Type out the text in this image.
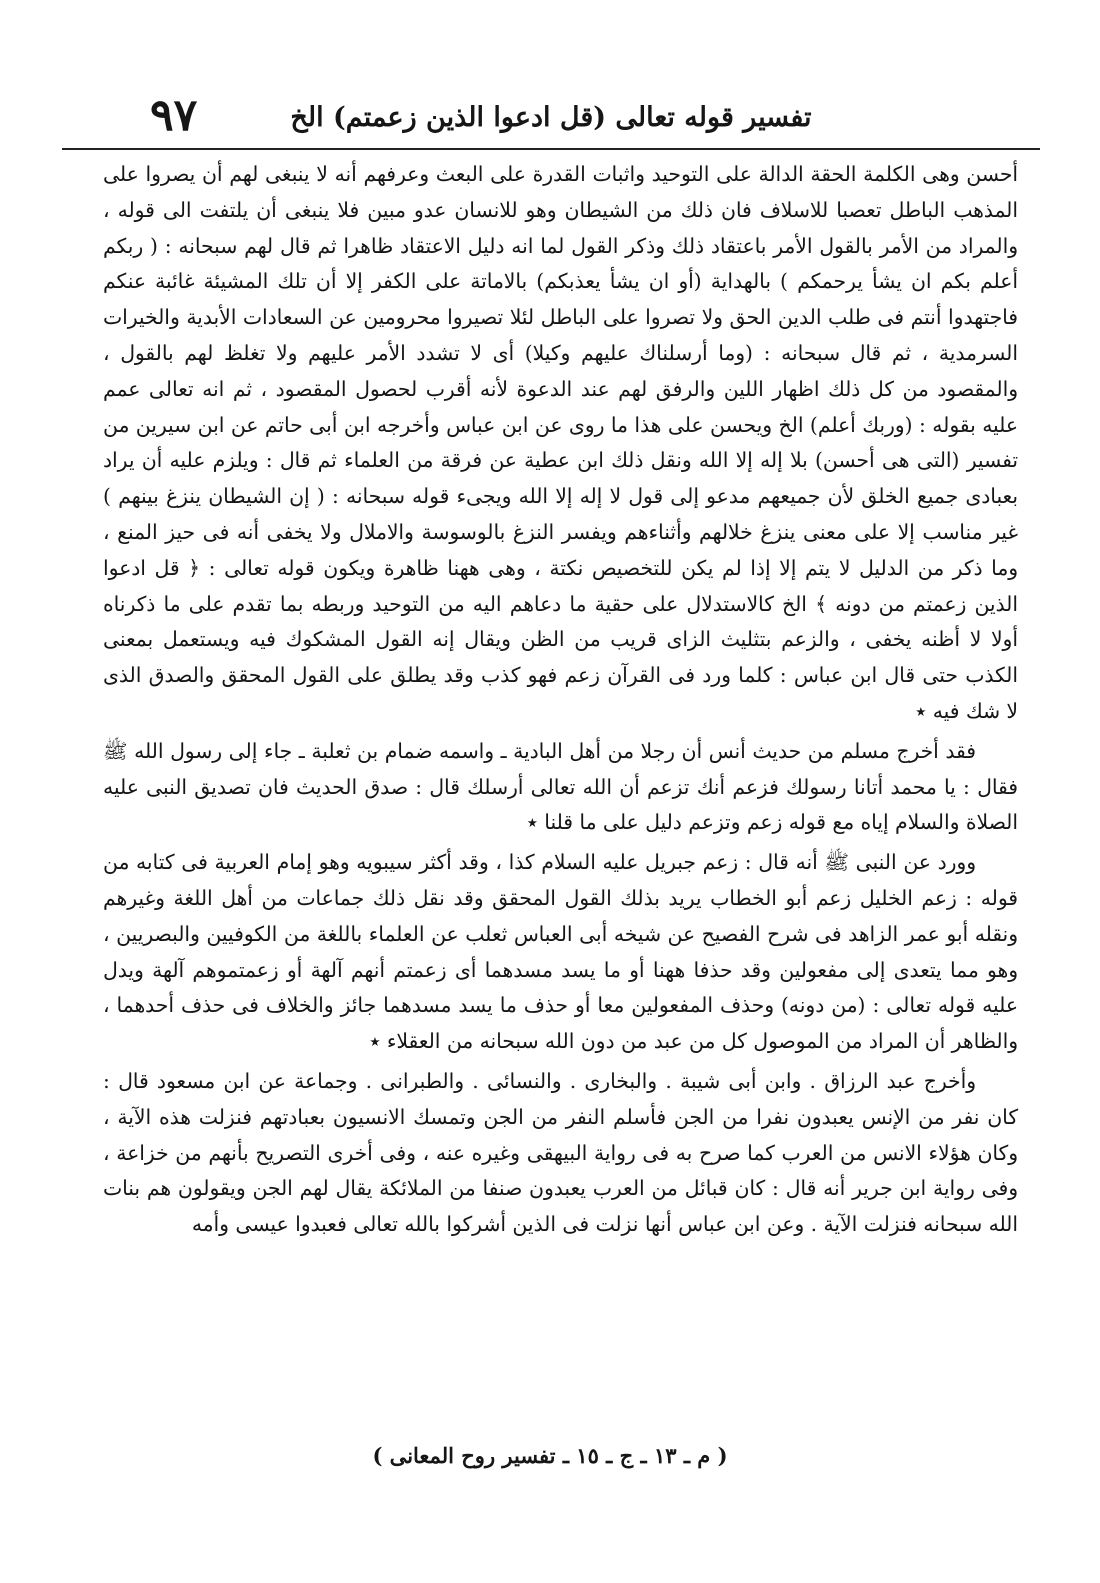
٩٧	تفسير قوله تعالى (قل ادعوا الذين زعمتم) الخ

أحسن وهى الكلمة الحقة الدالة على التوحيد واثبات القدرة على البعث وعرفهم أنه لا ينبغى لهم أن يصروا على المذهب الباطل تعصبا للاسلاف فان ذلك من الشيطان وهو للانسان عدو مبين فلا ينبغى أن يلتفت الى قوله ، والمراد من الأمر بالقول الأمر باعتقاد ذلك وذكر القول لما انه دليل الاعتقاد ظاهرا ثم قال لهم سبحانه : ( ربكم أعلم بكم ان يشأ يرحمكم ) بالهداية (أو ان يشأ يعذبكم) بالاماتة على الكفر إلا أن تلك المشيئة غائبة عنكم فاجتهدوا أنتم فى طلب الدين الحق ولا تصروا على الباطل لئلا تصيروا محرومين عن السعادات الأبدية والخيرات السرمدية ، ثم قال سبحانه : (وما أرسلناك عليهم وكيلا) أى لا تشدد الأمر عليهم ولا تغلظ لهم بالقول ، والمقصود من كل ذلك اظهار اللين والرفق لهم عند الدعوة لأنه أقرب لحصول المقصود ، ثم انه تعالى عمم عليه بقوله : (وربك أعلم) الخ ويحسن على هذا ما روى عن ابن عباس وأخرجه ابن أبى حاتم عن ابن سيرين من تفسير (التى هى أحسن) بلا إله إلا الله ونقل ذلك ابن عطية عن فرقة من العلماء ثم قال : ويلزم عليه أن يراد بعبادى جميع الخلق لأن جميعهم مدعو إلى قول لا إله إلا الله ويجىء قوله سبحانه : ( إن الشيطان ينزغ بينهم ) غير مناسب إلا على معنى ينزغ خلالهم وأثناءهم ويفسر النزغ بالوسوسة والاملال ولا يخفى أنه فى حيز المنع ، وما ذكر من الدليل لا يتم إلا إذا لم يكن للتخصيص نكتة ، وهى ههنا ظاهرة ويكون قوله تعالى : ﴿ قل ادعوا الذين زعمتم من دونه ﴾ الخ كالاستدلال على حقية ما دعاهم اليه من التوحيد وربطه بما تقدم على ما ذكرناه أولا لا أظنه يخفى ، والزعم بتثليث الزاى قريب من الظن ويقال إنه القول المشكوك فيه ويستعمل بمعنى الكذب حتى قال ابن عباس : كلما ورد فى القرآن زعم فهو كذب وقد يطلق على القول المحقق والصدق الذى لا شك فيه ٭

فقد أخرج مسلم من حديث أنس أن رجلا من أهل البادية ـ واسمه ضمام بن ثعلبة ـ جاء إلى رسول الله ﷺ فقال : يا محمد أتانا رسولك فزعم أنك تزعم أن الله تعالى أرسلك قال : صدق الحديث فان تصديق النبى عليه الصلاة والسلام إياه مع قوله زعم وتزعم دليل على ما قلنا ٭

وورد عن النبى ﷺ أنه قال : زعم جبريل عليه السلام كذا ، وقد أكثر سيبويه وهو إمام العربية فى كتابه من قوله : زعم الخليل زعم أبو الخطاب يريد بذلك القول المحقق وقد نقل ذلك جماعات من أهل اللغة وغيرهم ونقله أبو عمر الزاهد فى شرح الفصيح عن شيخه أبى العباس ثعلب عن العلماء باللغة من الكوفيين والبصريين ، وهو مما يتعدى إلى مفعولين وقد حذفا ههنا أو ما يسد مسدهما أى زعمتم أنهم آلهة أو زعمتموهم آلهة ويدل عليه قوله تعالى : (من دونه) وحذف المفعولين معا أو حذف ما يسد مسدهما جائز والخلاف فى حذف أحدهما ، والظاهر أن المراد من الموصول كل من عبد من دون الله سبحانه من العقلاء ٭

وأخرج عبد الرزاق . وابن أبى شيبة . والبخارى . والنسائى . والطبرانى . وجماعة عن ابن مسعود قال : كان نفر من الإنس يعبدون نفرا من الجن فأسلم النفر من الجن وتمسك الانسيون بعبادتهم فنزلت هذه الآية ، وكان هؤلاء الانس من العرب كما صرح به فى رواية البيهقى وغيره عنه ، وفى أخرى التصريح بأنهم من خزاعة ، وفى رواية ابن جرير أنه قال : كان قبائل من العرب يعبدون صنفا من الملائكة يقال لهم الجن ويقولون هم بنات الله سبحانه فنزلت الآية . وعن ابن عباس أنها نزلت فى الذين أشركوا بالله تعالى فعبدوا عيسى وأمه

( م ـ ١٣ ـ ج ـ ١٥ ـ تفسير روح المعانى )
